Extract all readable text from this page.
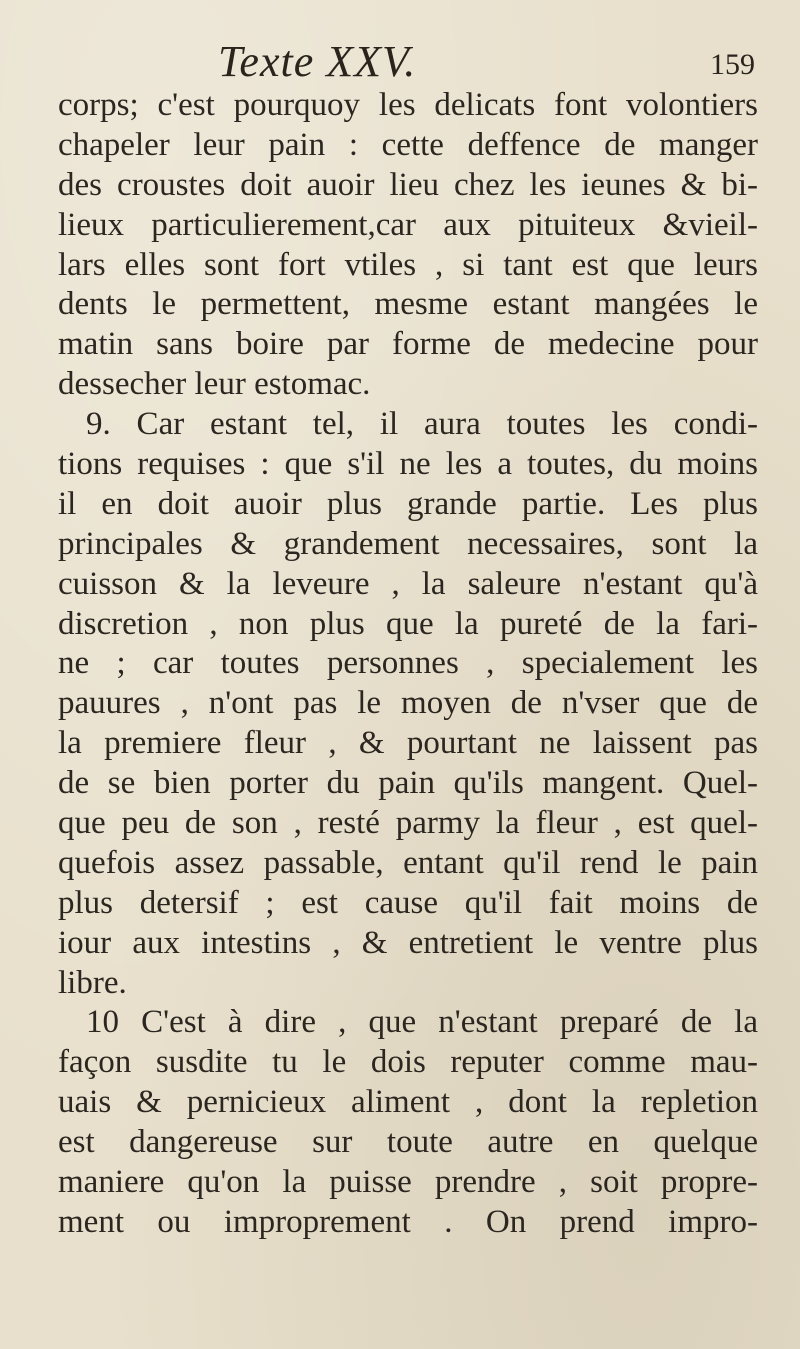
Texte XXV.	159
corps; c'est pourquoy les delicats font volontiers
chapeler leur pain : cette deffence de manger
des croustes doit auoir lieu chez les ieunes & bi-
lieux particulierement,car aux pituiteux &vieil-
lars elles sont fort vtiles , si tant est que leurs
dents le permettent, mesme estant mangées le
matin sans boire par forme de medecine pour
dessecher leur estomac.
9. Car estant tel, il aura toutes les condi-
tions requises : que s'il ne les a toutes, du moins
il en doit auoir plus grande partie. Les plus
principales & grandement necessaires, sont la
cuisson & la leveure , la saleure n'estant qu'à
discretion , non plus que la pureté de la fari-
ne ; car toutes personnes , specialement les
pauures , n'ont pas le moyen de n'vser que de
la premiere fleur , & pourtant ne laissent pas
de se bien porter du pain qu'ils mangent. Quel-
que peu de son , resté parmy la fleur , est quel-
quefois assez passable, entant qu'il rend le pain
plus detersif ; est cause qu'il fait moins de
iour aux intestins , & entretient le ventre plus
libre.
10 C'est à dire , que n'estant preparé de la
façon susdite tu le dois reputer comme mau-
uais & pernicieux aliment , dont la repletion
est dangereuse sur toute autre en quelque
maniere qu'on la puisse prendre , soit propre-
ment ou improprement . On prend impro-
